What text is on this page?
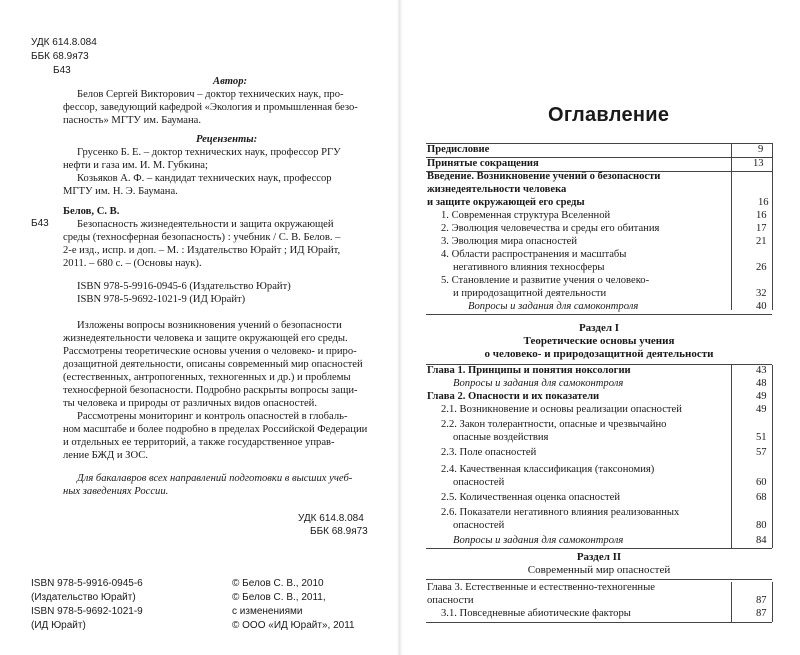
УДК 614.8.084
ББК 68.9я73
Б43
Автор:
Белов Сергей Викторович – доктор технических наук, про-
фессор, заведующий кафедрой «Экология и промышленная безо-
пасность» МГТУ им. Баумана.
Рецензенты:
Грусенко Б. Е. – доктор технических наук, профессор РГУ
нефти и газа им. И. М. Губкина;
Козьяков А. Ф. – кандидат технических наук, профессор
МГТУ им. Н. Э. Баумана.
Б43
Белов, С. В.
Безопасность жизнедеятельности и защита окружающей
среды (техносферная безопасность) : учебник / С. В. Белов. –
2-е изд., испр. и доп. – М. : Издательство Юрайт ; ИД Юрайт,
2011. – 680 с. – (Основы наук).
ISBN 978-5-9916-0945-6 (Издательство Юрайт)
ISBN 978-5-9692-1021-9 (ИД Юрайт)
Изложены вопросы возникновения учений о безопасности
жизнедеятельности человека и защите окружающей его среды.
Рассмотрены теоретические основы учения о человеко- и приро-
дозащитной деятельности, описаны современный мир опасностей
(естественных, антропогенных, техногенных и др.) и проблемы
техносферной безопасности. Подробно раскрыты вопросы защи-
ты человека и природы от различных видов опасностей.
Рассмотрены мониторинг и контроль опасностей в глобаль-
ном масштабе и более подробно в пределах Российской Федерации
и отдельных ее территорий, а также государственное управ-
ление БЖД и ЗОС.
Для бакалавров всех направлений подготовки в высших учеб-
ных заведениях России.
УДК 614.8.084
ББК 68.9я73
ISBN 978-5-9916-0945-6
(Издательство Юрайт)
ISBN 978-5-9692-1021-9
(ИД Юрайт)
© Белов С. В., 2010
© Белов С. В., 2011,
с изменениями
© ООО «ИД Юрайт», 2011
Оглавление
Предисловие	9
Принятые сокращения	13
Введение. Возникновение учений о безопасности
жизнедеятельности человека
и защите окружающей его среды	16
1. Современная структура Вселенной	16
2. Эволюция человечества и среды его обитания	17
3. Эволюция мира опасностей	21
4. Области распространения и масштабы
негативного влияния техносферы	26
5. Становление и развитие учения о человеко-
и природозащитной деятельности	32
Вопросы и задания для самоконтроля	40
Раздел I
Теоретические основы учения
о человеко- и природозащитной деятельности
Глава 1. Принципы и понятия ноксологии	43
Вопросы и задания для самоконтроля	48
Глава 2. Опасности и их показатели	49
2.1. Возникновение и основы реализации опасностей	49
2.2. Закон толерантности, опасные и чрезвычайно
опасные воздействия	51
2.3. Поле опасностей	57
2.4. Качественная классификация (таксономия)
опасностей	60
2.5. Количественная оценка опасностей	68
2.6. Показатели негативного влияния реализованных
опасностей	80
Вопросы и задания для самоконтроля	84
Раздел II
Современный мир опасностей
Глава 3. Естественные и естественно-техногенные
опасности	87
3.1. Повседневные абиотические факторы	87
